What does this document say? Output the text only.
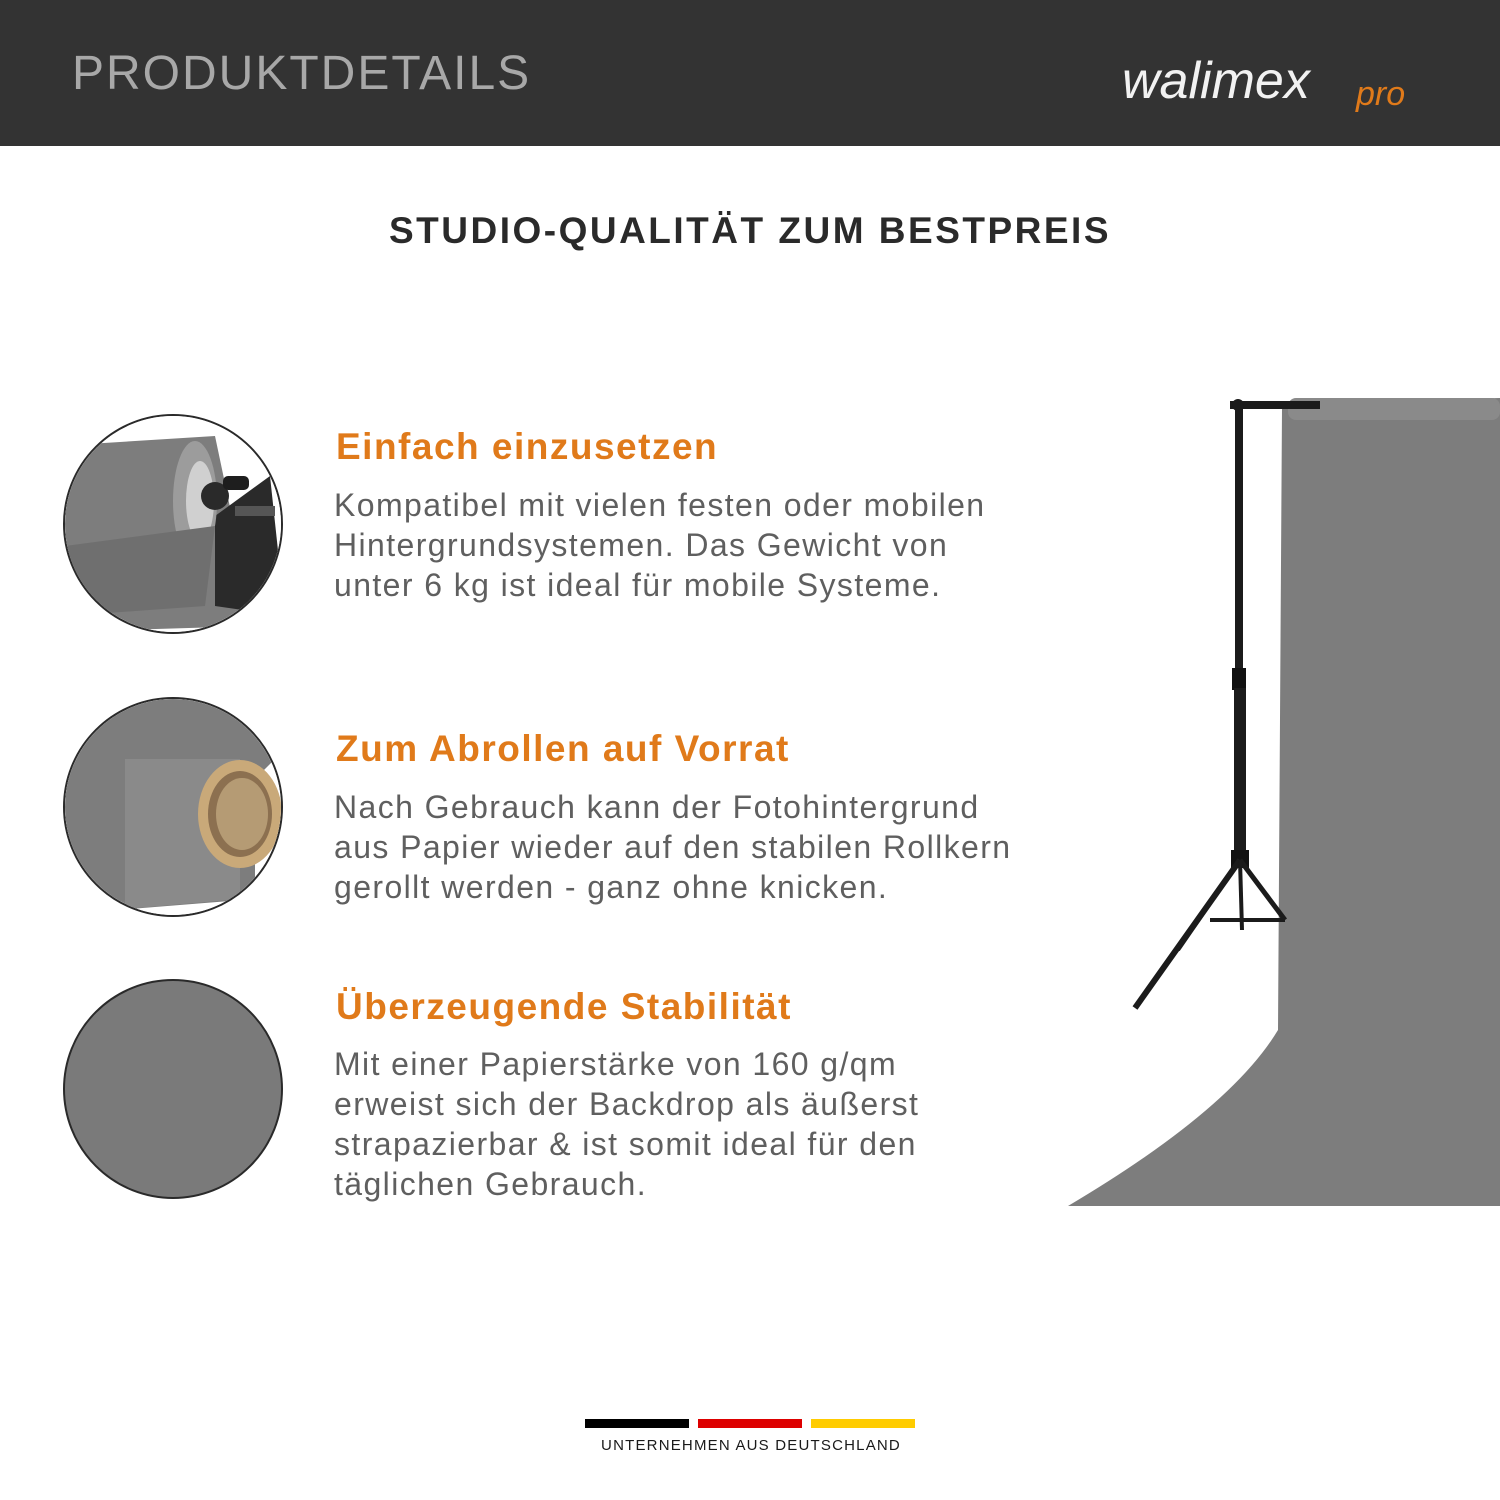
PRODUKTDETAILS	walimex pro
STUDIO-QUALITÄT ZUM BESTPREIS
Einfach einzusetzen
Kompatibel mit vielen festen oder mobilen
Hintergrundsystemen. Das Gewicht von
unter 6 kg ist ideal für mobile Systeme.
Zum Abrollen auf Vorrat
Nach Gebrauch kann der Fotohintergrund
aus Papier wieder auf den stabilen Rollkern
gerollt werden - ganz ohne knicken.
Überzeugende Stabilität
Mit einer Papierstärke von 160 g/qm
erweist sich der Backdrop als äußerst
strapazierbar & ist somit ideal für den
täglichen Gebrauch.
UNTERNEHMEN AUS DEUTSCHLAND
